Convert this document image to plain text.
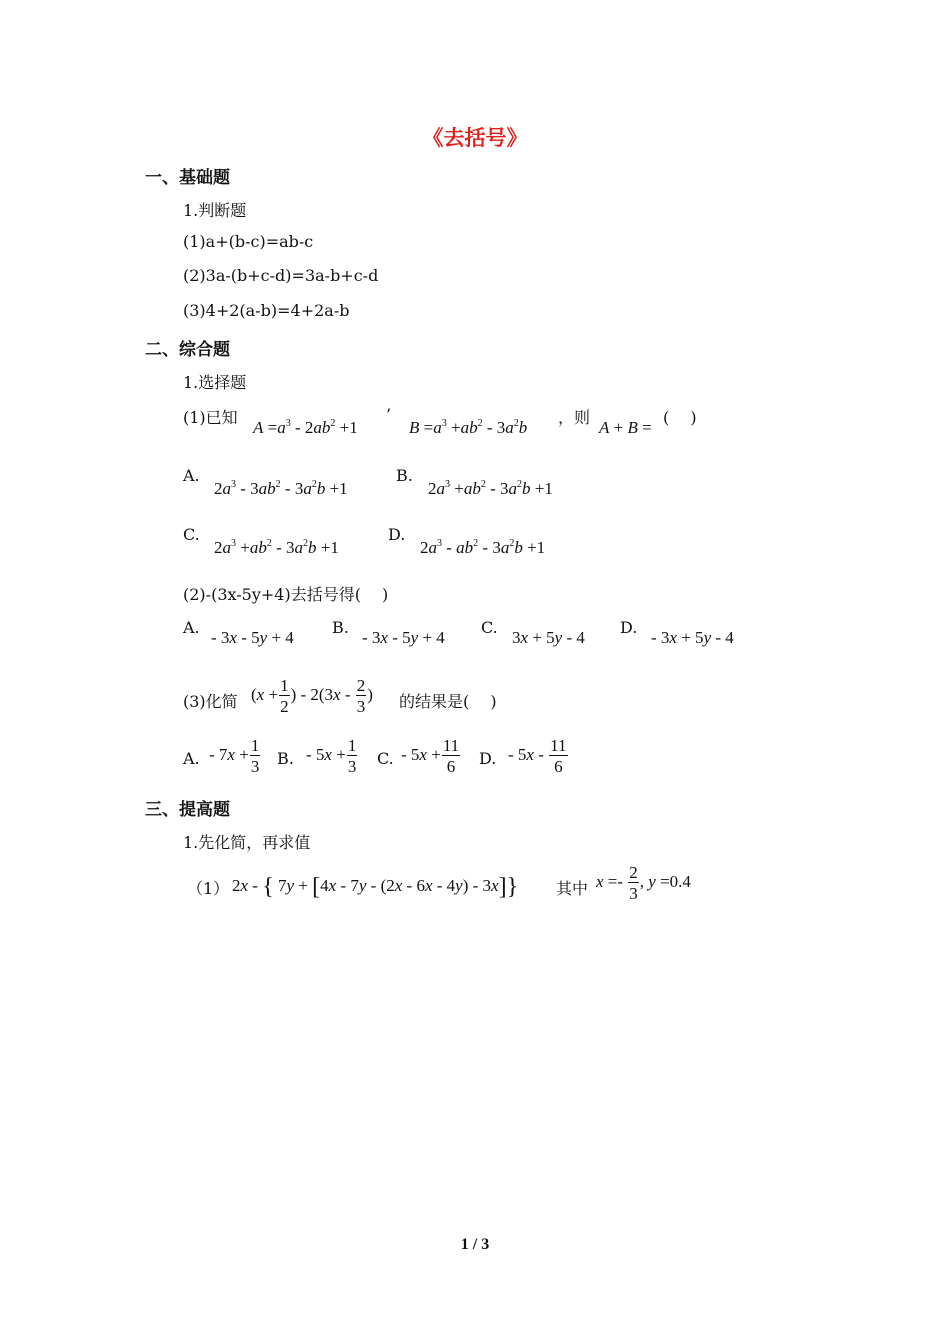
《去括号》
一、基础题
1.判断题
(1)a+(b-c)=ab-c
(2)3a-(b+c-d)=3a-b+c-d
(3)4+2(a-b)=4+2a-b
二、综合题
1.选择题
(1)已知
$A =a^3 - 2ab^2 +1$
’
$B =a^3 +ab^2 - 3a^2b$
，则
A + B =
(　 )
A.
$2a^3 - 3ab^2 - 3a^2b +1$
B.
$2a^3 +ab^2 - 3a^2b +1$
C.
$2a^3 +ab^2 - 3a^2b +1$
D.
$2a^3 - ab^2 - 3a^2b +1$
(2)-(3x-5y+4)去括号得(　 )
A.
- 3x - 5y + 4
B.
- 3x - 5y + 4
C.
3x + 5y - 4
D.
- 3x + 5y - 4
(3)化简 ($x + \frac{1}{2}$ ) - $2(3x - \frac{2}{3}$ ) 的结果是(　 )
A. - $7x + \frac{1}{3} B$. - $5x + \frac{1}{3} C$. - $5x + \frac{11}{6} D$. - $5x - \frac{11}{6}$
三、提高题
1.先化简，再求值
（1） 2x - { 7y + [4x - 7y - (2x - 6x - 4y) - 3x]} 其中 $x =- \frac{2}{3}$ , y =0.4
1 / 3
